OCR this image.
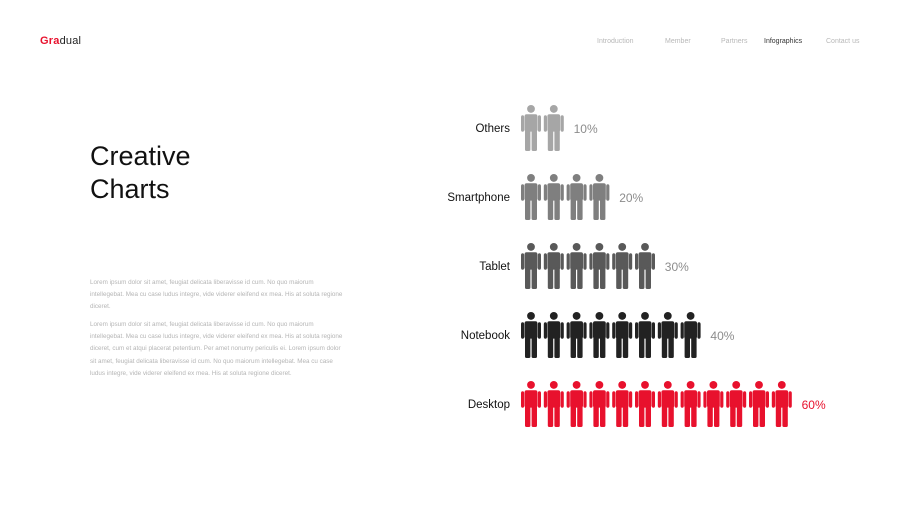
Gradual	Introduction	Member	Partners Infographics	Contact us
Creative
Charts
Lorem ipsum dolor sit amet, feugiat delicata liberavisse id cum. No quo maiorum intellegebat. Mea cu case ludus integre, vide viderer eleifend ex mea. His at soluta regione diceret.
Lorem ipsum dolor sit amet, feugiat delicata liberavisse id cum. No quo maiorum intellegebat. Mea cu case ludus integre, vide viderer eleifend ex mea. His at soluta regione diceret, cum et atqui placerat petentium. Per amet nonumy periculis ei. Lorem ipsum dolor sit amet, feugiat delicata liberavisse id cum. No quo maiorum intellegebat. Mea cu case ludus integre, vide viderer eleifend ex mea. His at soluta regione diceret.
Others	10%
Smartphone	20%
Tablet	30%
Notebook	40%
Desktop	60%
